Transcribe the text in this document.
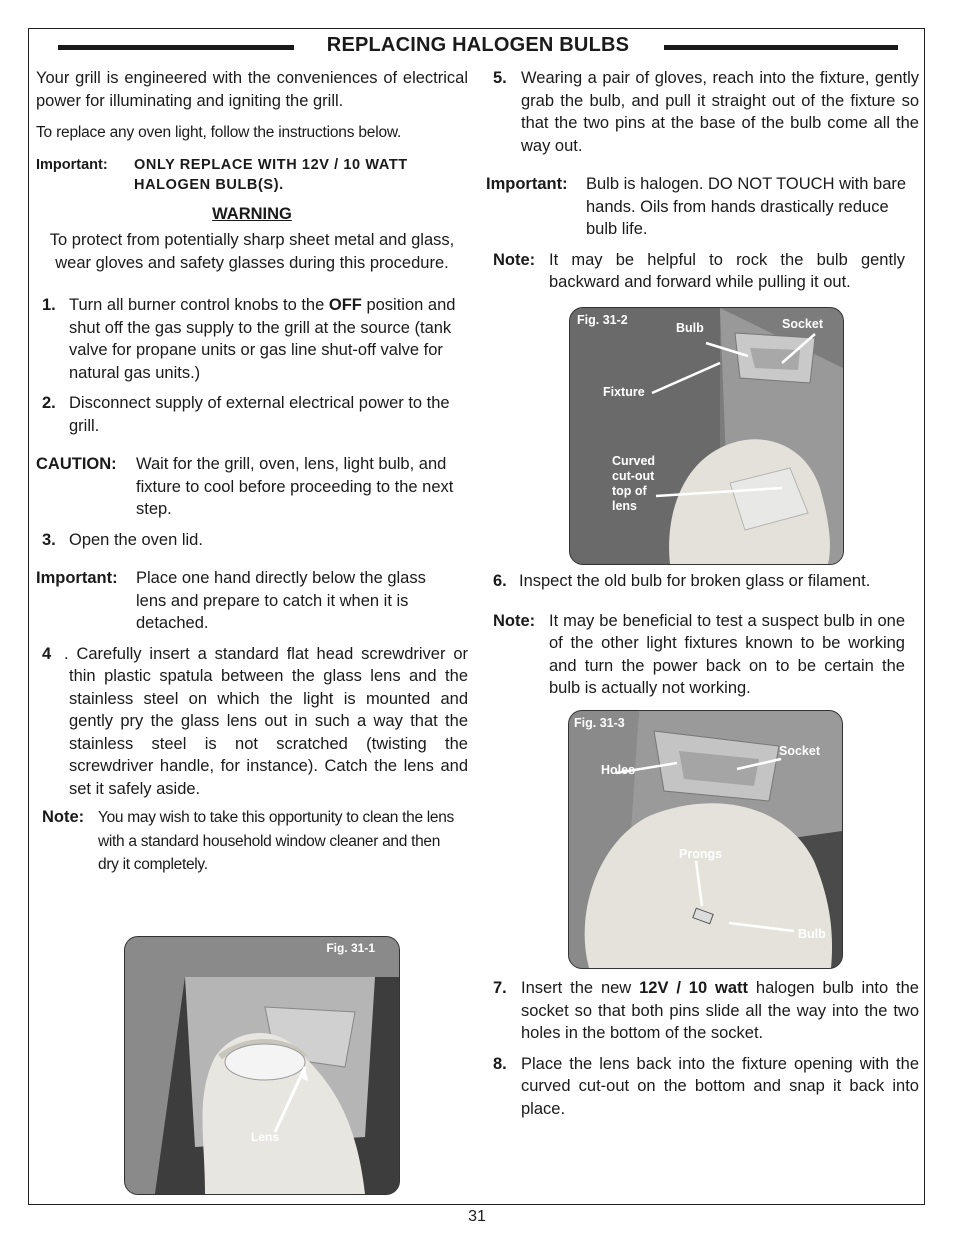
REPLACING HALOGEN BULBS

Your grill is engineered with the conveniences of electrical power for illuminating and igniting the grill.

To replace any oven light, follow the instructions below.

Important: ONLY REPLACE WITH 12V / 10 WATT HALOGEN BULB(S).

WARNING

To protect from potentially sharp sheet metal and glass, wear gloves and safety glasses during this procedure.

1. Turn all burner control knobs to the OFF position and shut off the gas supply to the grill at the source (tank valve for propane units or gas line shut-off valve for natural gas units.)
2. Disconnect supply of external electrical power to the grill.
CAUTION: Wait for the grill, oven, lens, light bulb, and fixture to cool before proceeding to the next step.
3. Open the oven lid.
Important: Place one hand directly below the glass lens and prepare to catch it when it is detached.
4 . Carefully insert a standard flat head screwdriver or thin plastic spatula between the glass lens and the stainless steel on which the light is mounted and gently pry the glass lens out in such a way that the stainless steel is not scratched (twisting the screwdriver handle, for instance). Catch the lens and set it safely aside.
Note: You may wish to take this opportunity to clean the lens with a standard household window cleaner and then dry it completely.
Fig. 31-1
Lens
5. Wearing a pair of gloves, reach into the fixture, gently grab the bulb, and pull it straight out of the fixture so that the two pins at the base of the bulb come all the way out.
Important: Bulb is halogen. DO NOT TOUCH with bare hands. Oils from hands drastically reduce bulb life.
Note: It may be helpful to rock the bulb gently backward and forward while pulling it out.
Fig. 31-2
Bulb	Socket
Fixture
Curved cut-out top of lens
6. Inspect the old bulb for broken glass or filament.
Note: It may be beneficial to test a suspect bulb in one of the other light fixtures known to be working and turn the power back on to be certain the bulb is actually not working.
Fig. 31-3
Socket
Holes
Prongs
Bulb
7. Insert the new 12V / 10 watt halogen bulb into the socket so that both pins slide all the way into the two holes in the bottom of the socket.
8. Place the lens back into the fixture opening with the curved cut-out on the bottom and snap it back into place.
31
